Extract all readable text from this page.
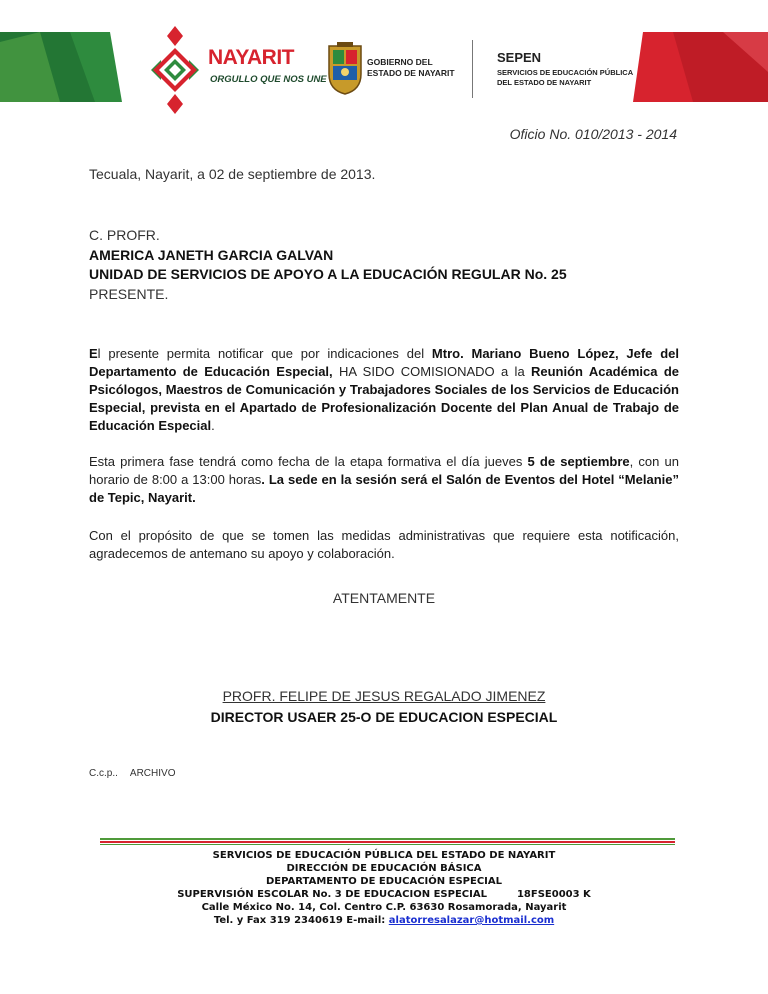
NAYARIT
ORGULLO QUE NOS UNE
GOBIERNO DEL
ESTADO DE NAYARIT
SEPEN
SERVICIOS DE EDUCACIÓN PÚBLICA
DEL ESTADO DE NAYARIT
Oficio No. 010/2013 - 2014
Tecuala, Nayarit, a 02 de septiembre de 2013.
C. PROFR.
AMERICA JANETH GARCIA GALVAN
UNIDAD DE SERVICIOS DE APOYO A LA EDUCACIÓN REGULAR No. 25
PRESENTE.
El presente permita notificar que por indicaciones del Mtro. Mariano Bueno López, Jefe del Departamento de Educación Especial, HA SIDO COMISIONADO a la Reunión Académica de Psicólogos, Maestros de Comunicación y Trabajadores Sociales de los Servicios de Educación Especial, prevista en el Apartado de Profesionalización Docente del Plan Anual de Trabajo de Educación Especial.
Esta primera fase tendrá como fecha de la etapa formativa el día jueves 5 de septiembre, con un horario de 8:00 a 13:00 horas. La sede en la sesión será el Salón de Eventos del Hotel “Melanie” de Tepic, Nayarit.
Con el propósito de que se tomen las medidas administrativas que requiere esta notificación, agradecemos de antemano su apoyo y colaboración.
ATENTAMENTE
PROFR. FELIPE DE JESUS REGALADO JIMENEZ
DIRECTOR USAER 25-O DE EDUCACION ESPECIAL
C.c.p.. ARCHIVO
SERVICIOS DE EDUCACIÓN PÚBLICA DEL ESTADO DE NAYARIT
DIRECCIÓN DE EDUCACIÓN BÁSICA
DEPARTAMENTO DE EDUCACIÓN ESPECIAL
SUPERVISIÓN ESCOLAR No. 3 DE EDUCACION ESPECIAL	18FSE0003 K
Calle México No. 14, Col. Centro C.P. 63630 Rosamorada, Nayarit
Tel. y Fax 319 2340619 E-mail: alatorresalazar@hotmail.com
